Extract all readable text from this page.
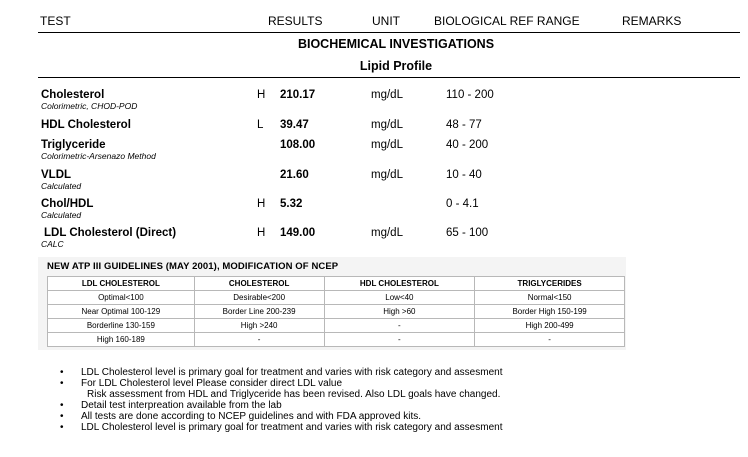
TEST	RESULTS	UNIT	BIOLOGICAL REF RANGE	REMARKS
BIOCHEMICAL INVESTIGATIONS
Lipid Profile
Cholesterol
Colorimetric, CHOD-POD
H 210.17	mg/dL	110 - 200
HDL Cholesterol	L 39.47	mg/dL	48 - 77
Triglyceride
Colorimetric-Arsenazo Method
108.00	mg/dL	40 - 200
VLDL
Calculated
21.60	mg/dL	10 - 40
Chol/HDL
Calculated
H 5.32	0 - 4.1
LDL Cholesterol (Direct)
CALC
H 149.00	mg/dL	65 - 100
NEW ATP III GUIDELINES (MAY 2001), MODIFICATION OF NCEP
LDL CHOLESTEROL	CHOLESTEROL	HDL CHOLESTEROL	TRIGLYCERIDES
Optimal<100	Desirable<200	Low<40	Normal<150
Near Optimal 100-129	Border Line 200-239	High >60	Border High 150-199
Borderline 130-159	High >240	-	High 200-499
High 160-189	-	-	-
• LDL Cholesterol level is primary goal for treatment and varies with risk category and assesment
• For LDL Cholesterol level Please consider direct LDL value
Risk assessment from HDL and Triglyceride has been revised. Also LDL goals have changed.
• Detail test interpreation available from the lab
• All tests are done according to NCEP guidelines and with FDA approved kits.
• LDL Cholesterol level is primary goal for treatment and varies with risk category and assesment
